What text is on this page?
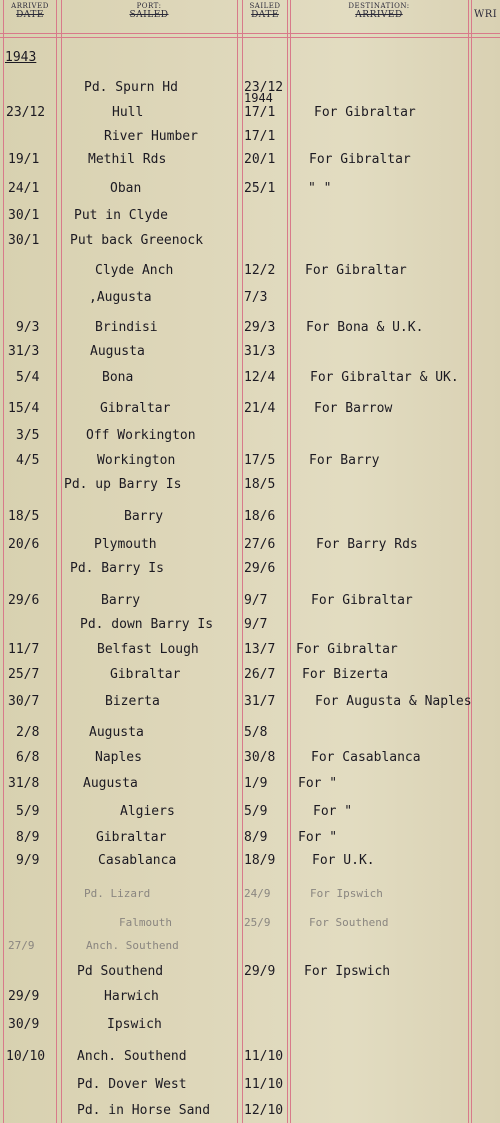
ARRIVED
DATE
PORT:
SAILED
SAILED
DATE
DESTINATION:
ARRIVED	WRI
1943
Pd. Spurn Hd	23/12
1944
23/12	Hull	17/1	For Gibraltar
River Humber	17/1
19/1	Methil Rds	20/1	For Gibraltar
24/1	Oban	25/1	" "
30/1	Put in Clyde
30/1 Put back Greenock
Clyde Anch	12/2 For Gibraltar
,Augusta	7/3
9/3	Brindisi	29/3 For Bona & U.K.
31/3	Augusta	31/3
5/4	Bona	12/4	For Gibraltar & UK.
15/4	Gibraltar	21/4	For Barrow
3/5	Off Workington
4/5	Workington	17/5	For Barry
Pd. up Barry Is	18/5
18/5	Barry	18/6
20/6	Plymouth	27/6	For Barry Rds
Pd. Barry Is	29/6
29/6	Barry	9/7	For Gibraltar
Pd. down Barry Is 9/7
11/7	Belfast Lough	13/7 For Gibraltar
25/7	Gibraltar	26/7 For Bizerta
30/7	Bizerta	31/7	For Augusta & Naples
2/8	Augusta	5/8
6/8	Naples	30/8	For Casablanca
31/8	Augusta	1/9 For "
5/9	Algiers	5/9	For "
8/9	Gibraltar	8/9 For "
9/9	Casablanca	18/9	For U.K.
Pd. Lizard	24/9	For Ipswich
Falmouth	25/9	For Southend
27/9	Anch. Southend
Pd Southend	29/9 For Ipswich
29/9	Harwich
30/9	Ipswich
10/10 Anch. Southend	11/10
Pd. Dover West	11/10
Pd. in Horse Sand	12/10
